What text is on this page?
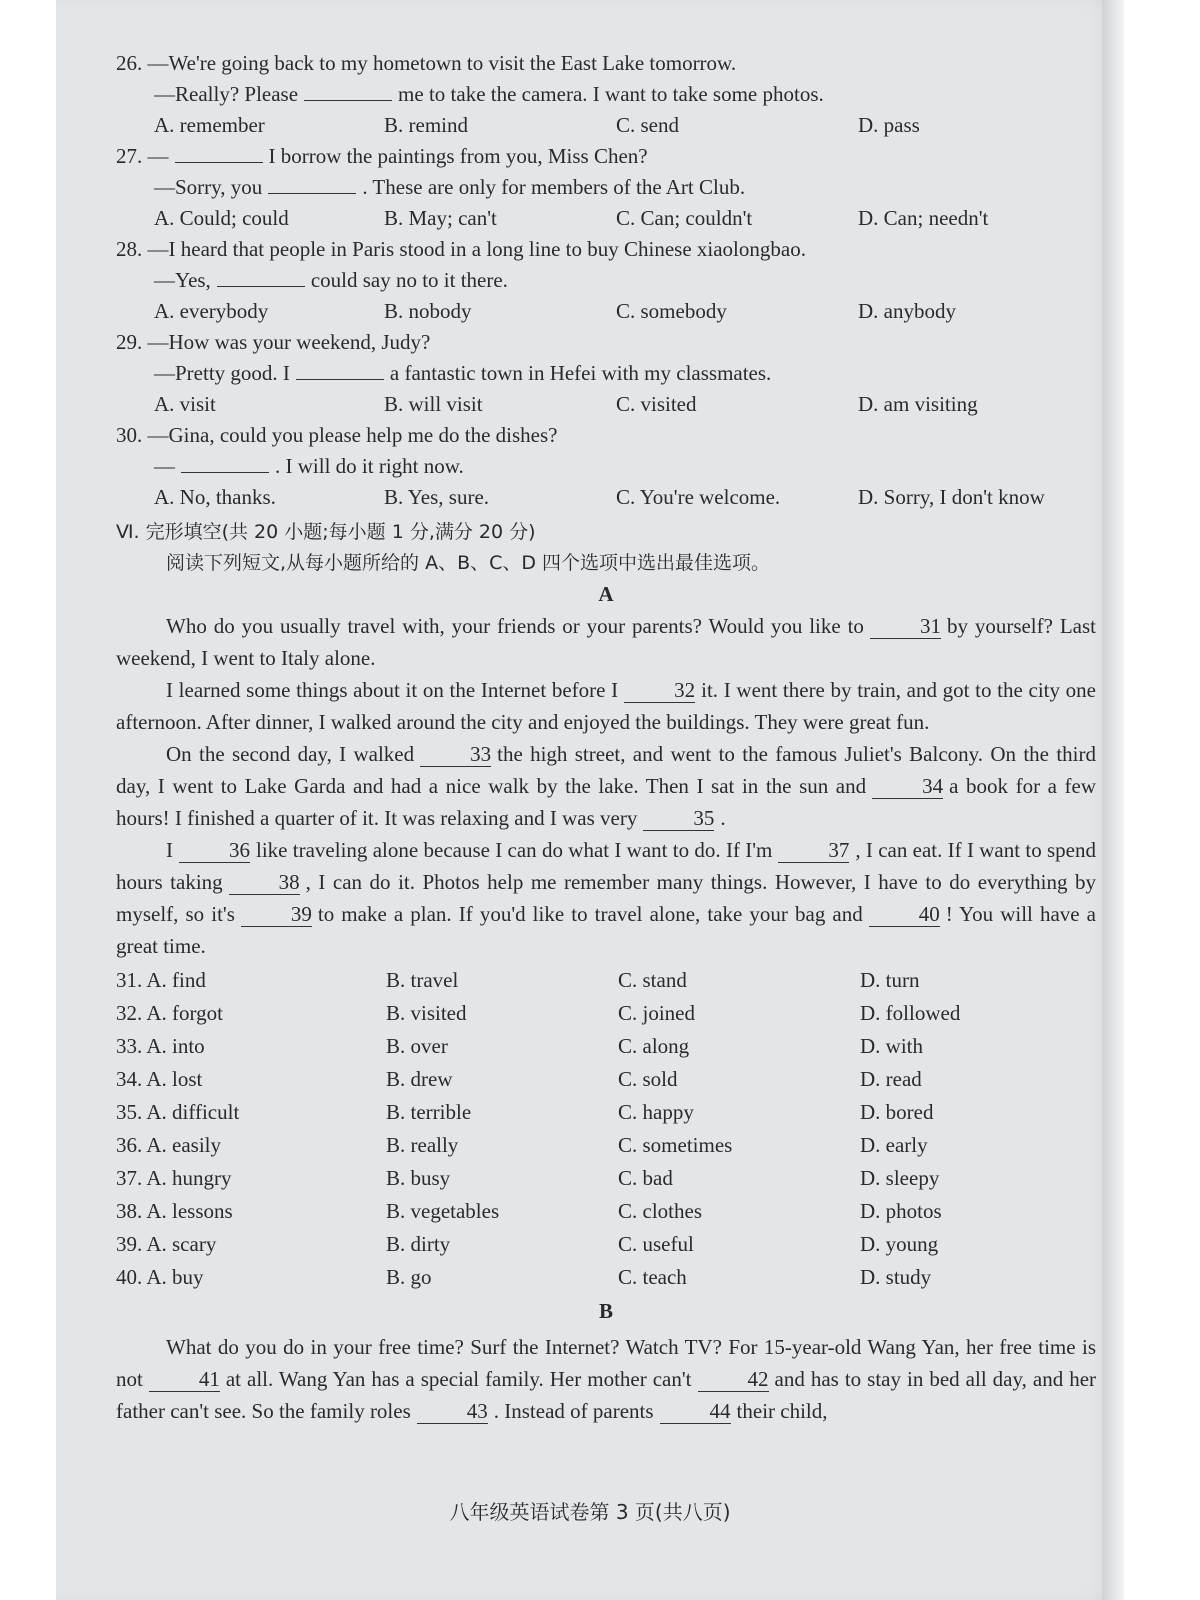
26. —We're going back to my hometown to visit the East Lake tomorrow.
—Really? Please	me to take the camera. I want to take some photos.
A. remember	B. remind	C. send	D. pass
27. —	I borrow the paintings from you, Miss Chen?
—Sorry, you	. These are only for members of the Art Club.
A. Could; could	B. May; can't	C. Can; couldn't	D. Can; needn't
28. —I heard that people in Paris stood in a long line to buy Chinese xiaolongbao.
—Yes,	could say no to it there.
A. everybody	B. nobody	C. somebody	D. anybody
29. —How was your weekend, Judy?
—Pretty good. I	a fantastic town in Hefei with my classmates.
A. visit	B. will visit	C. visited	D. am visiting
30. —Gina, could you please help me do the dishes?
—	. I will do it right now.
A. No, thanks.	B. Yes, sure.	C. You're welcome.	D. Sorry, I don't know
Ⅵ. 完形填空(共 20 小题;每小题 1 分,满分 20 分)
阅读下列短文,从每小题所给的 A、B、C、D 四个选项中选出最佳选项。
A

Who do you usually travel with, your friends or your parents? Would you like to	31 by yourself? Last weekend, I went to Italy alone.

I learned some things about it on the Internet before I	32 it. I went there by train, and got to the city one afternoon. After dinner, I walked around the city and enjoyed the buildings. They were great fun.

On the second day, I walked	33 the high street, and went to the famous Juliet's Balcony. On the third day, I went to Lake Garda and had a nice walk by the lake. Then I sat in the sun and	34 a book for a few hours! I finished a quarter of it. It was relaxing and I was very	35 .

I	36 like traveling alone because I can do what I want to do. If I'm	37 , I can eat. If I want to spend hours taking	38 , I can do it. Photos help me remember many things. However, I have to do everything by myself, so it's	39 to make a plan. If you'd like to travel alone, take your bag and	40 ! You will have a great time.

31. A. find	B. travel	C. stand	D. turn
32. A. forgot	B. visited	C. joined	D. followed
33. A. into	B. over	C. along	D. with
34. A. lost	B. drew	C. sold	D. read
35. A. difficult	B. terrible	C. happy	D. bored
36. A. easily	B. really	C. sometimes	D. early
37. A. hungry	B. busy	C. bad	D. sleepy
38. A. lessons	B. vegetables	C. clothes	D. photos
39. A. scary	B. dirty	C. useful	D. young
40. A. buy	B. go	C. teach	D. study
B

What do you do in your free time? Surf the Internet? Watch TV? For 15-year-old Wang Yan, her free time is not	41 at all. Wang Yan has a special family. Her mother can't	42 and has to stay in bed all day, and her father can't see. So the family roles	43 . Instead of parents	44 their child,

八年级英语试卷第 3 页(共八页)
